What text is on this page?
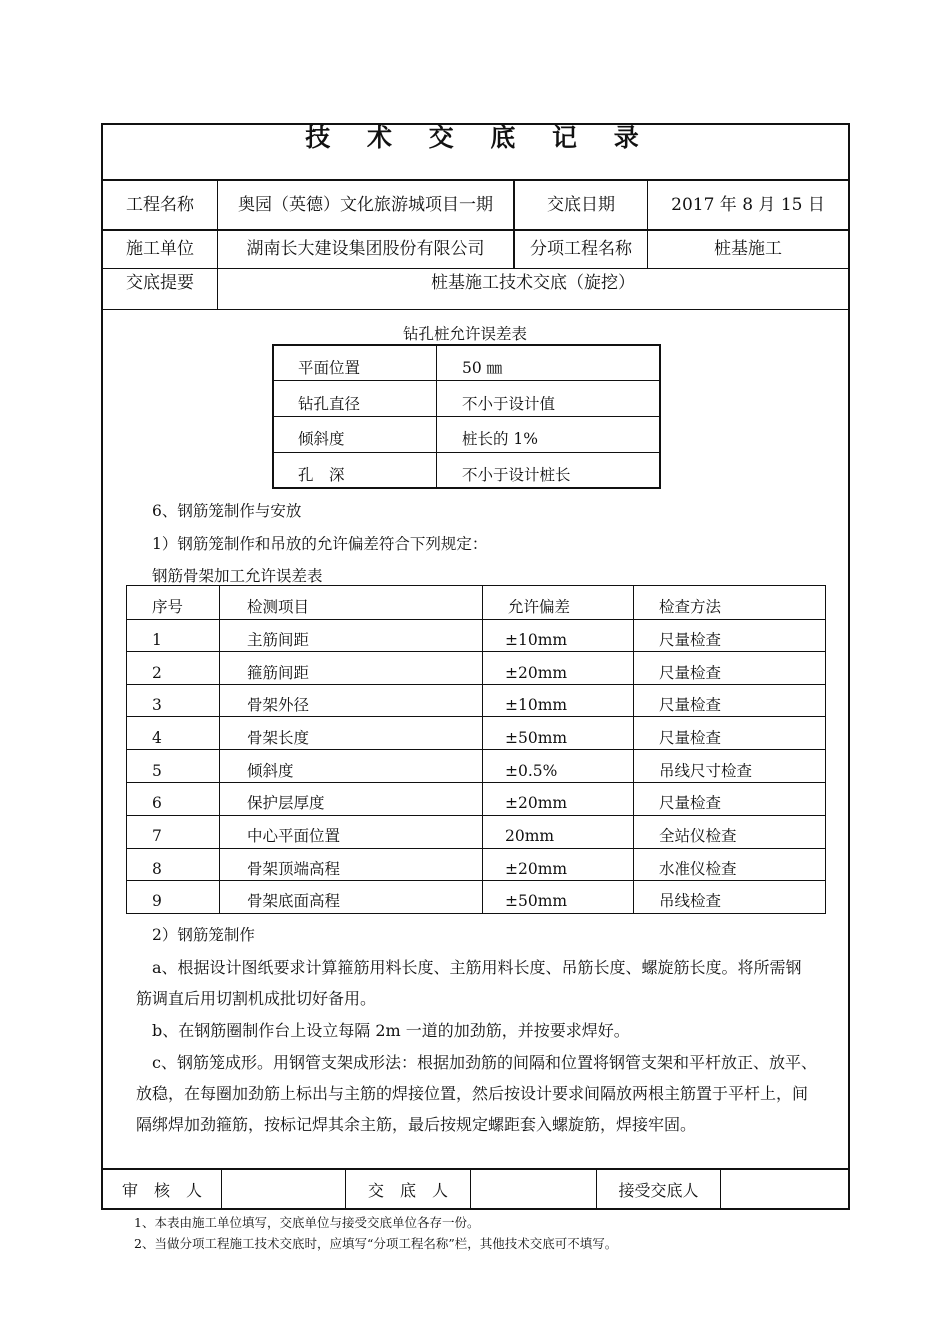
技 术 交 底 记 录
工程名称	奥园（英德）文化旅游城项目一期	交底日期	2017 年 8 月 15 日
施工单位	湖南长大建设集团股份有限公司	分项工程名称	桩基施工
交底提要	桩基施工技术交底（旋挖）
钻孔桩允许误差表
平面位置	50 ㎜
钻孔直径	不小于设计值
倾斜度	桩长的 1%
孔　深	不小于设计桩长
6、钢筋笼制作与安放
1）钢筋笼制作和吊放的允许偏差符合下列规定：
钢筋骨架加工允许误差表
序号	检测项目	允许偏差	检查方法
1	主筋间距	±10mm	尺量检查
2	箍筋间距	±20mm	尺量检查
3	骨架外径	±10mm	尺量检查
4	骨架长度	±50mm	尺量检查
5	倾斜度	±0.5%	吊线尺寸检查
6	保护层厚度	±20mm	尺量检查
7	中心平面位置	20mm	全站仪检查
8	骨架顶端高程	±20mm	水准仪检查
9	骨架底面高程	±50mm	吊线检查
2）钢筋笼制作
a、根据设计图纸要求计算箍筋用料长度、主筋用料长度、吊筋长度、螺旋筋长度。将所需钢
筋调直后用切割机成批切好备用。
b、在钢筋圈制作台上设立每隔 2m 一道的加劲筋，并按要求焊好。
c、钢筋笼成形。用钢管支架成形法：根据加劲筋的间隔和位置将钢管支架和平杆放正、放平、
放稳，在每圈加劲筋上标出与主筋的焊接位置，然后按设计要求间隔放两根主筋置于平杆上，间
隔绑焊加劲箍筋，按标记焊其余主筋，最后按规定螺距套入螺旋筋，焊接牢固。
审　核　人	交　底　人	接受交底人
1、本表由施工单位填写，交底单位与接受交底单位各存一份。
2、当做分项工程施工技术交底时，应填写“分项工程名称”栏，其他技术交底可不填写。
